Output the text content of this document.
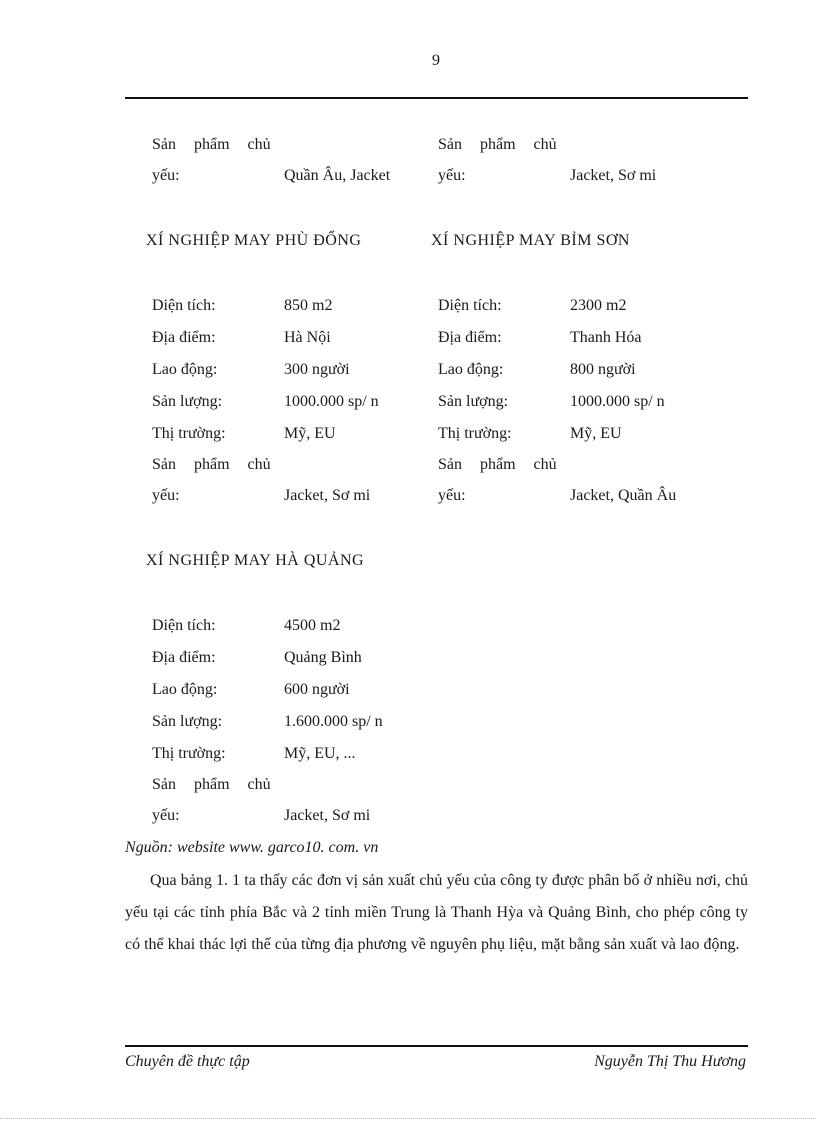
9
Sản phẩm chủ
yếu:	Quần Âu, Jacket
Sản phẩm chủ
yếu:	Jacket, Sơ mi
XÍ NGHIỆP MAY PHÙ ĐỔNG
Diện tích:	850 m2
Địa điểm:	Hà Nội
Lao động:	300 người
Sản lượng:	1000.000 sp/ n
Thị trường:	Mỹ, EU
Sản phẩm chủ
yếu:	Jacket, Sơ mi
XÍ NGHIỆP MAY BỈM SƠN
Diện tích:	2300 m2
Địa điểm:	Thanh Hóa
Lao động:	800 người
Sản lượng:	1000.000 sp/ n
Thị trường:	Mỹ, EU
Sản phẩm chủ
yếu:	Jacket, Quần Âu
XÍ NGHIỆP MAY HÀ QUẢNG
Diện tích:	4500 m2
Địa điểm:	Quảng Bình
Lao động:	600 người
Sản lượng:	1.600.000 sp/ n
Thị trường:	Mỹ, EU, ...
Sản phẩm chủ
yếu:	Jacket, Sơ mi
Nguồn: website www. garco10. com. vn
Qua bảng 1. 1 ta thấy các đơn vị sản xuất chủ yếu của công ty được phân bố ở nhiều nơi, chủ yếu tại các tỉnh phía Bắc và 2 tỉnh miền Trung là Thanh Hỳa và Quảng Bình, cho phép công ty có thể khai thác lợi thế của từng địa phương về nguyên phụ liệu, mặt bằng sản xuất và lao động.
Chuyên đề thực tập	Nguyễn Thị Thu Hương
